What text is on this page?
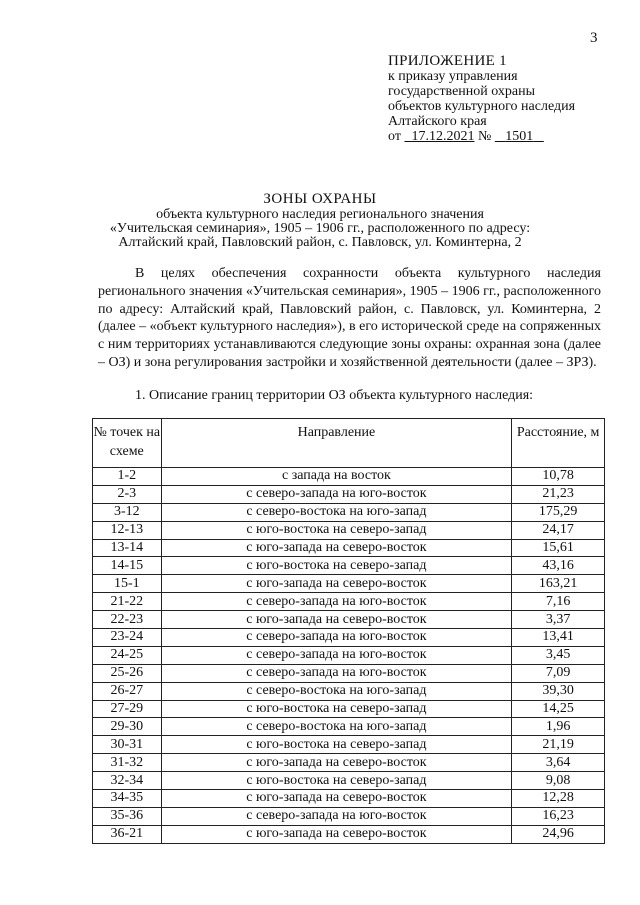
3
ПРИЛОЖЕНИЕ 1
к приказу управления
государственной охраны
объектов культурного наследия
Алтайского края
от   17.12.2021 №    1501
ЗОНЫ ОХРАНЫ
объекта культурного наследия регионального значения
«Учительская семинария», 1905 – 1906 гг., расположенного по адресу:
Алтайский край, Павловский район, с. Павловск, ул. Коминтерна, 2

В целях обеспечения сохранности объекта культурного наследия регионального значения «Учительская семинария», 1905 – 1906 гг., расположенного по адресу: Алтайский край, Павловский район, с. Павловск, ул. Коминтерна, 2 (далее – «объект культурного наследия»), в его исторической среде на сопряженных с ним территориях устанавливаются следующие зоны охраны: охранная зона (далее – ОЗ) и зона регулирования застройки и хозяйственной деятельности (далее – ЗРЗ).

1. Описание границ территории ОЗ объекта культурного наследия:
№ точек на схеме	Направление	Расстояние, м
1-2	с запада на восток	10,78
2-3	с северо-запада на юго-восток	21,23
3-12	с северо-востока на юго-запад	175,29
12-13	с юго-востока на северо-запад	24,17
13-14	с юго-запада на северо-восток	15,61
14-15	с юго-востока на северо-запад	43,16
15-1	с юго-запада на северо-восток	163,21
21-22	с северо-запада на юго-восток	7,16
22-23	с юго-запада на северо-восток	3,37
23-24	с северо-запада на юго-восток	13,41
24-25	с северо-запада на юго-восток	3,45
25-26	с северо-запада на юго-восток	7,09
26-27	с северо-востока на юго-запад	39,30
27-29	с юго-востока на северо-запад	14,25
29-30	с северо-востока на юго-запад	1,96
30-31	с юго-востока на северо-запад	21,19
31-32	с юго-запада на северо-восток	3,64
32-34	с юго-востока на северо-запад	9,08
34-35	с юго-запада на северо-восток	12,28
35-36	с северо-запада на юго-восток	16,23
36-21	с юго-запада на северо-восток	24,96
